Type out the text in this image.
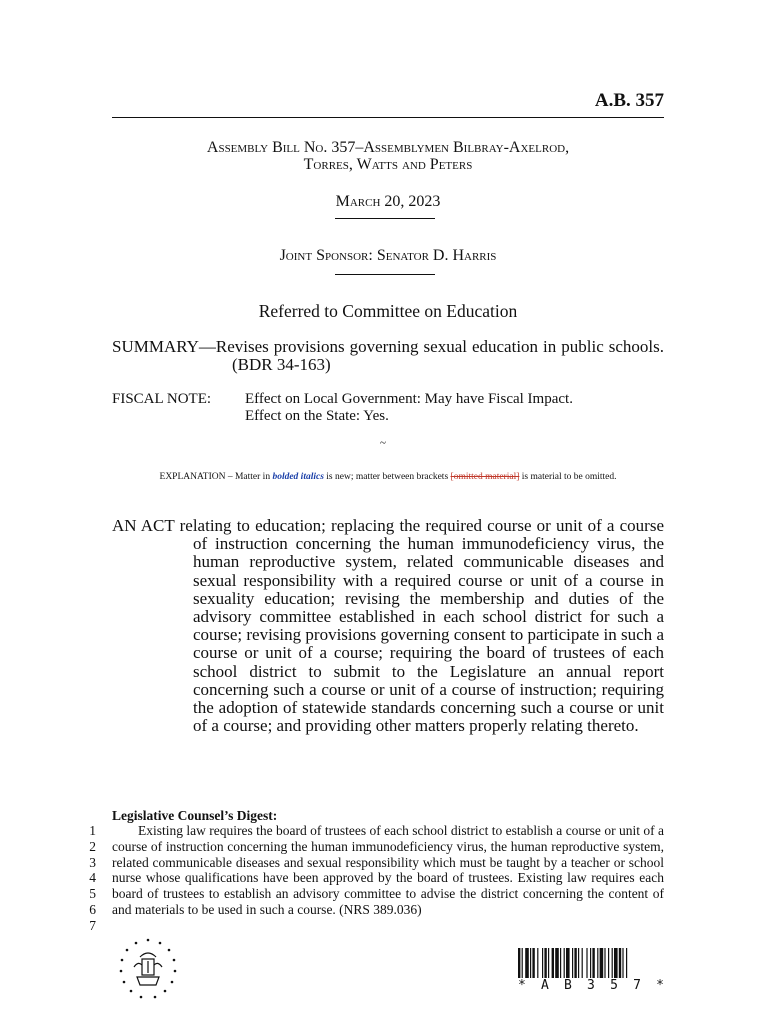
A.B. 357
Assembly Bill No. 357–Assemblymen Bilbray-Axelrod,
Torres, Watts and Peters
March 20, 2023
Joint Sponsor: Senator D. Harris
Referred to Committee on Education
SUMMARY—Revises provisions governing sexual education in public schools. (BDR 34-163)
FISCAL NOTE: Effect on Local Government: May have Fiscal Impact.
Effect on the State: Yes.
~
EXPLANATION – Matter in bolded italics is new; matter between brackets [omitted material] is material to be omitted.

AN ACT relating to education; replacing the required course or unit of a course of instruction concerning the human immunodeficiency virus, the human reproductive system, related communicable diseases and sexual responsibility with a required course or unit of a course in sexuality education; revising the membership and duties of the advisory committee established in each school district for such a course; revising provisions governing consent to participate in such a course or unit of a course; requiring the board of trustees of each school district to submit to the Legislature an annual report concerning such a course or unit of a course of instruction; requiring the adoption of statewide standards concerning such a course or unit of a course; and providing other matters properly relating thereto.

Legislative Counsel’s Digest:
1
2
3
4
5
6
7

Existing law requires the board of trustees of each school district to establish a course or unit of a course of instruction concerning the human immunodeficiency virus, the human reproductive system, related communicable diseases and sexual responsibility which must be taught by a teacher or school nurse whose qualifications have been approved by the board of trustees. Existing law requires each board of trustees to establish an advisory committee to advise the district concerning the content of and materials to be used in such a course. (NRS 389.036)

* A B 3 5 7 *
